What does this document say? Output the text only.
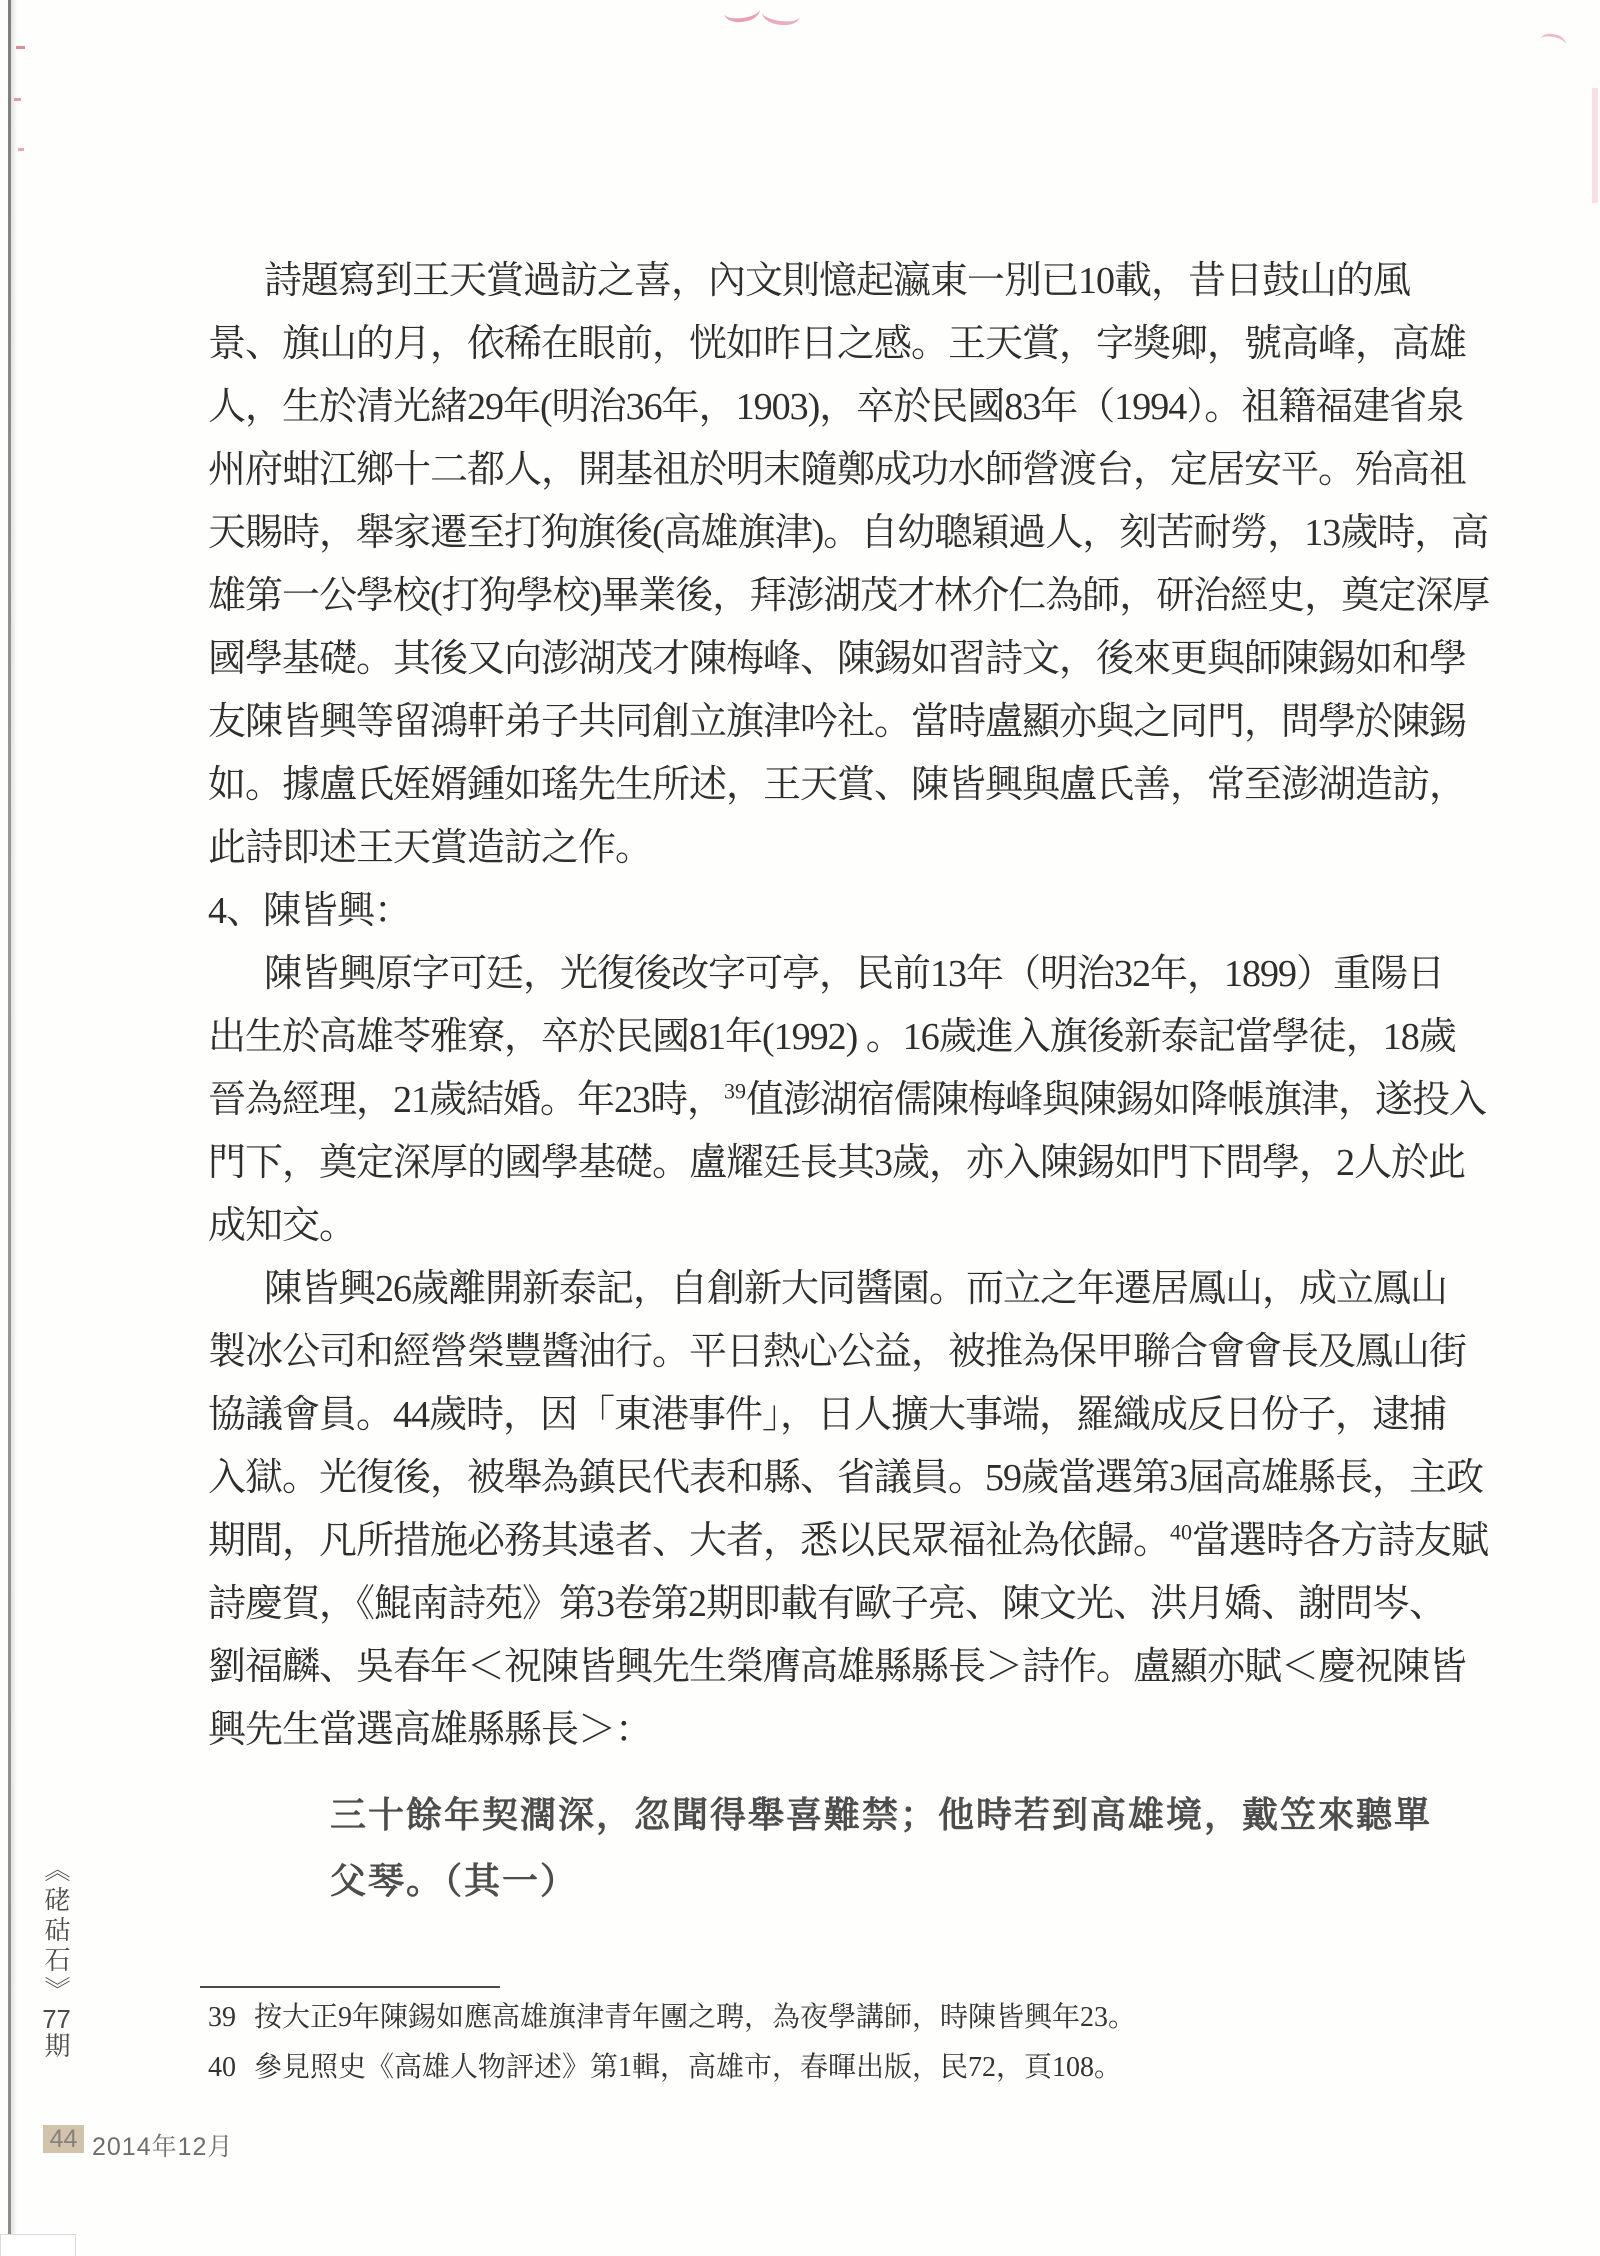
詩題寫到王天賞過訪之喜，內文則憶起瀛東一別已10載，昔日鼓山的風
景、旗山的月，依稀在眼前，恍如昨日之感。王天賞，字獎卿，號高峰，高雄
人，生於清光緒29年(明治36年，1903)，卒於民國83年（1994）。祖籍福建省泉
州府蚶江鄉十二都人，開基祖於明末隨鄭成功水師營渡台，定居安平。殆高祖
天賜時，舉家遷至打狗旗後(高雄旗津)。自幼聰穎過人，刻苦耐勞，13歲時，高
雄第一公學校(打狗學校)畢業後，拜澎湖茂才林介仁為師，研治經史，奠定深厚
國學基礎。其後又向澎湖茂才陳梅峰、陳錫如習詩文，後來更與師陳錫如和學
友陳皆興等留鴻軒弟子共同創立旗津吟社。當時盧顯亦與之同門，問學於陳錫
如。據盧氏姪婿鍾如瑤先生所述，王天賞、陳皆興與盧氏善，常至澎湖造訪，
此詩即述王天賞造訪之作。
4、陳皆興：
陳皆興原字可廷，光復後改字可亭，民前13年（明治32年，1899）重陽日
出生於高雄苓雅寮，卒於民國81年(1992) 。16歲進入旗後新泰記當學徒，18歲
晉為經理，21歲結婚。年23時，$^{39}$值澎湖宿儒陳梅峰與陳錫如降帳旗津，遂投入
門下，奠定深厚的國學基礎。盧耀廷長其3歲，亦入陳錫如門下問學，2人於此
成知交。
陳皆興26歲離開新泰記，自創新大同醬園。而立之年遷居鳳山，成立鳳山
製冰公司和經營榮豐醬油行。平日熱心公益，被推為保甲聯合會會長及鳳山街
協議會員。44歲時，因「東港事件」，日人擴大事端，羅織成反日份子，逮捕
入獄。光復後，被舉為鎮民代表和縣、省議員。59歲當選第3屆高雄縣長，主政
期間，凡所措施必務其遠者、大者，悉以民眾福祉為依歸。$^{40}$當選時各方詩友賦
詩慶賀，《鯤南詩苑》第3卷第2期即載有歐子亮、陳文光、洪月嬌、謝問岑、
劉福麟、吳春年＜祝陳皆興先生榮膺高雄縣縣長＞詩作。盧顯亦賦＜慶祝陳皆
興先生當選高雄縣縣長＞：
三十餘年契濶深，忽聞得舉喜難禁；他時若到高雄境，戴笠來聽單
父琴。（其一）
39 按大正9年陳錫如應高雄旗津青年團之聘，為夜學講師，時陳皆興年23。
40 參見照史《高雄人物評述》第1輯，高雄市，春暉出版，民72，頁108。
《硓𥑮石》77期
44 2014年12月
